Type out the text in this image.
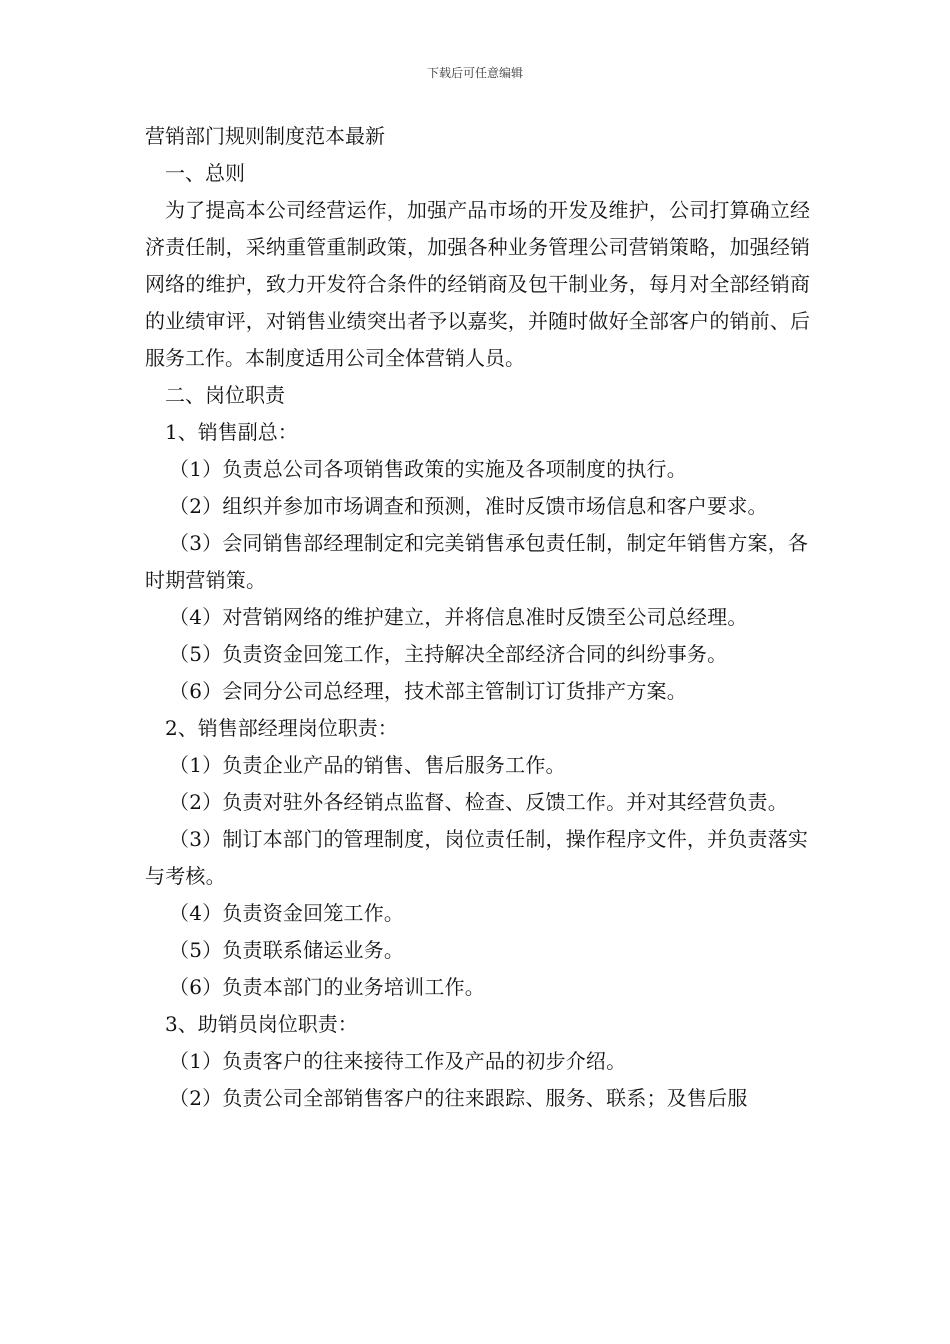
下载后可任意编辑

营销部门规则制度范本最新

一、总则

为了提高本公司经营运作，加强产品市场的开发及维护，公司打算确立经济责任制，采纳重管重制政策，加强各种业务管理公司营销策略，加强经销网络的维护，致力开发符合条件的经销商及包干制业务，每月对全部经销商的业绩审评，对销售业绩突出者予以嘉奖，并随时做好全部客户的销前、后服务工作。本制度适用公司全体营销人员。

二、岗位职责

1、销售副总：

（1）负责总公司各项销售政策的实施及各项制度的执行。

（2）组织并参加市场调查和预测，准时反馈市场信息和客户要求。

（3）会同销售部经理制定和完美销售承包责任制，制定年销售方案，各时期营销策。

（4）对营销网络的维护建立，并将信息准时反馈至公司总经理。

（5）负责资金回笼工作，主持解决全部经济合同的纠纷事务。

（6）会同分公司总经理，技术部主管制订订货排产方案。

2、销售部经理岗位职责：

（1）负责企业产品的销售、售后服务工作。

（2）负责对驻外各经销点监督、检查、反馈工作。并对其经营负责。

（3）制订本部门的管理制度，岗位责任制，操作程序文件，并负责落实与考核。

（4）负责资金回笼工作。

（5）负责联系储运业务。

（6）负责本部门的业务培训工作。

3、助销员岗位职责：

（1）负责客户的往来接待工作及产品的初步介绍。

（2）负责公司全部销售客户的往来跟踪、服务、联系；及售后服
